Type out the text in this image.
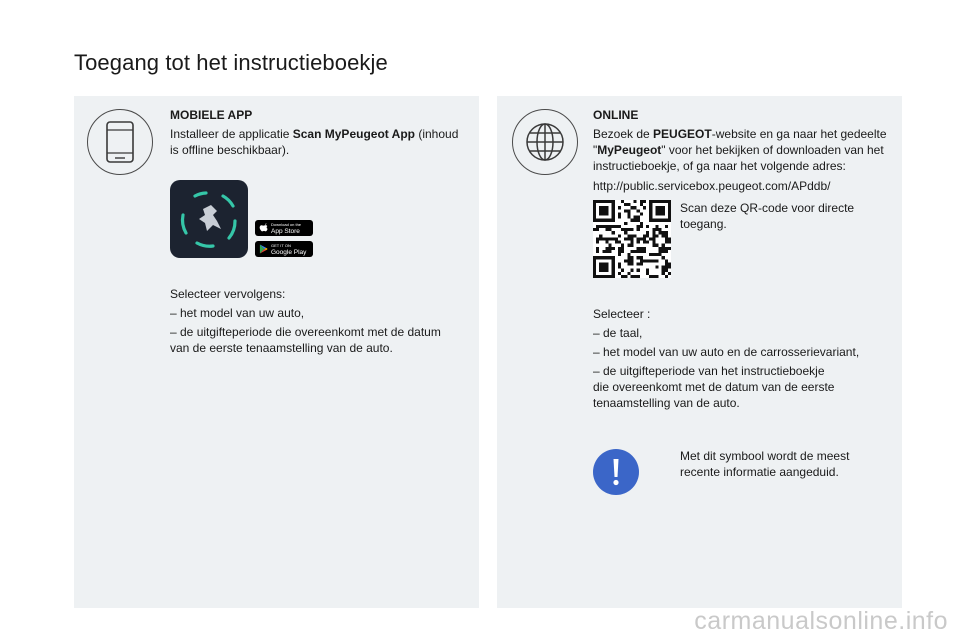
Toegang tot het instructieboekje
MOBIELE APP
Installeer de applicatie Scan MyPeugeot App (inhoud
is offline beschikbaar).
Download on the
App Store
GET IT ON
Google Play
Selecteer vervolgens:
– het model van uw auto,
– de uitgifteperiode die overeenkomt met de datum
van de eerste tenaamstelling van de auto.
ONLINE
Bezoek de PEUGEOT-website en ga naar het gedeelte
"MyPeugeot" voor het bekijken of downloaden van het
instructieboekje, of ga naar het volgende adres:
http://public.servicebox.peugeot.com/APddb/
Scan deze QR-code voor directe
toegang.
Selecteer :
– de taal,
– het model van uw auto en de carrosserievariant,
– de uitgifteperiode van het instructieboekje
die overeenkomt met de datum van de eerste
tenaamstelling van de auto.
Met dit symbool wordt de meest
recente informatie aangeduid.
carmanualsonline.info
